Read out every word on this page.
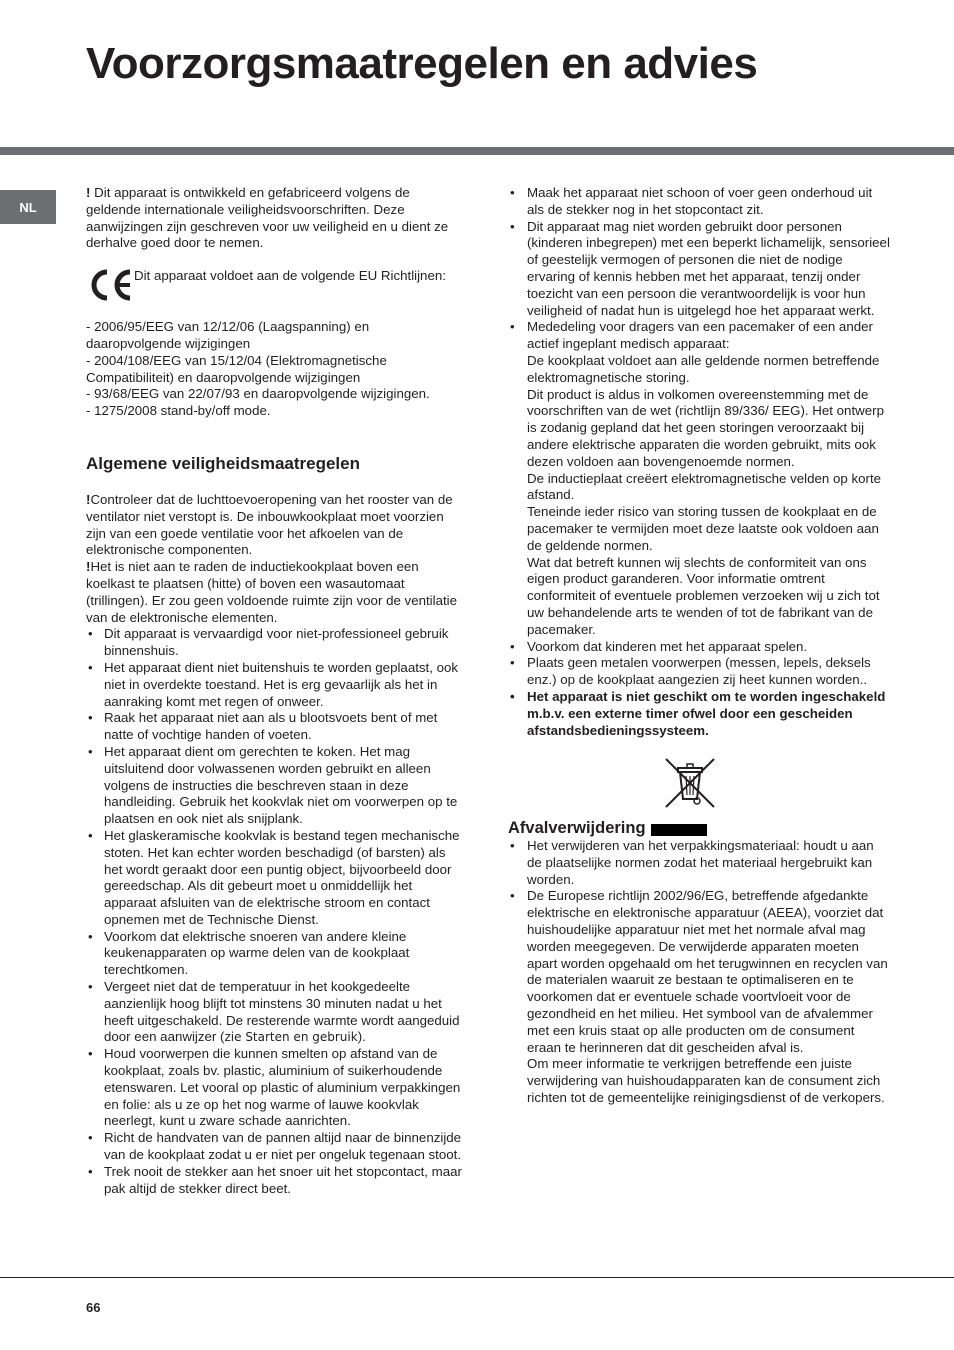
Voorzorgsmaatregelen en advies
NL

! Dit apparaat is ontwikkeld en gefabriceerd volgens de geldende internationale veiligheidsvoorschriften. Deze aanwijzingen zijn geschreven voor uw veiligheid en u dient ze derhalve goed door te nemen.

Dit apparaat voldoet aan de volgende EU Richtlijnen:

- 2006/95/EEG van 12/12/06 (Laagspanning) en daaropvolgende wijzigingen

- 2004/108/EEG van 15/12/04 (Elektromagnetische Compatibiliteit) en daaropvolgende wijzigingen

- 93/68/EEG van 22/07/93 en daaropvolgende wijzigingen.

- 1275/2008 stand-by/off mode.

Algemene veiligheidsmaatregelen

!Controleer dat de luchttoevoeropening van het rooster van de ventilator niet verstopt is. De inbouwkookplaat moet voorzien zijn van een goede ventilatie voor het afkoelen van de elektronische componenten.

!Het is niet aan te raden de inductiekookplaat boven een koelkast te plaatsen (hitte) of boven een wasautomaat (trillingen). Er zou geen voldoende ruimte zijn voor de ventilatie van de elektronische elementen.

• Dit apparaat is vervaardigd voor niet-professioneel gebruik binnenshuis.
• Het apparaat dient niet buitenshuis te worden geplaatst, ook niet in overdekte toestand. Het is erg gevaarlijk als het in aanraking komt met regen of onweer.
• Raak het apparaat niet aan als u blootsvoets bent of met natte of vochtige handen of voeten.
• Het apparaat dient om gerechten te koken. Het mag uitsluitend door volwassenen worden gebruikt en alleen volgens de instructies die beschreven staan in deze handleiding. Gebruik het kookvlak niet om voorwerpen op te plaatsen en ook niet als snijplank.
• Het glaskeramische kookvlak is bestand tegen mechanische stoten. Het kan echter worden beschadigd (of barsten) als het wordt geraakt door een puntig object, bijvoorbeeld door gereedschap. Als dit gebeurt moet u onmiddellijk het apparaat afsluiten van de elektrische stroom en contact opnemen met de Technische Dienst.
• Voorkom dat elektrische snoeren van andere kleine keukenapparaten op warme delen van de kookplaat terechtkomen.
• Vergeet niet dat de temperatuur in het kookgedeelte aanzienlijk hoog blijft tot minstens 30 minuten nadat u het heeft uitgeschakeld. De resterende warmte wordt aangeduid door een aanwijzer (zie Starten en gebruik).
• Houd voorwerpen die kunnen smelten op afstand van de kookplaat, zoals bv. plastic, aluminium of suikerhoudende etenswaren. Let vooral op plastic of aluminium verpakkingen en folie: als u ze op het nog warme of lauwe kookvlak neerlegt, kunt u zware schade aanrichten.
• Richt de handvaten van de pannen altijd naar de binnenzijde van de kookplaat zodat u er niet per ongeluk tegenaan stoot.
• Trek nooit de stekker aan het snoer uit het stopcontact, maar pak altijd de stekker direct beet.
• Maak het apparaat niet schoon of voer geen onderhoud uit als de stekker nog in het stopcontact zit.
• Dit apparaat mag niet worden gebruikt door personen (kinderen inbegrepen) met een beperkt lichamelijk, sensorieel of geestelijk vermogen of personen die niet de nodige ervaring of kennis hebben met het apparaat, tenzij onder toezicht van een persoon die verantwoordelijk is voor hun veiligheid of nadat hun is uitgelegd hoe het apparaat werkt.

• Mededeling voor dragers van een pacemaker of een ander actief ingeplant medisch apparaat:

De kookplaat voldoet aan alle geldende normen betreffende elektromagnetische storing.

Dit product is aldus in volkomen overeenstemming met de voorschriften van de wet (richtlijn 89/336/ EEG). Het ontwerp is zodanig gepland dat het geen storingen veroorzaakt bij andere elektrische apparaten die worden gebruikt, mits ook dezen voldoen aan bovengenoemde normen.

De inductieplaat creëert elektromagnetische velden op korte afstand.

Teneinde ieder risico van storing tussen de kookplaat en de pacemaker te vermijden moet deze laatste ook voldoen aan de geldende normen.

Wat dat betreft kunnen wij slechts de conformiteit van ons eigen product garanderen. Voor informatie omtrent conformiteit of eventuele problemen verzoeken wij u zich tot uw behandelende arts te wenden of tot de fabrikant van de pacemaker.

• Voorkom dat kinderen met het apparaat spelen.
• Plaats geen metalen voorwerpen (messen, lepels, deksels enz.) op de kookplaat aangezien zij heet kunnen worden..
• Het apparaat is niet geschikt om te worden ingeschakeld m.b.v. een externe timer ofwel door een gescheiden afstandsbedieningssysteem.
Afvalverwijdering
• Het verwijderen van het verpakkingsmateriaal: houdt u aan de plaatselijke normen zodat het materiaal hergebruikt kan worden.

• De Europese richtlijn 2002/96/EG, betreffende afgedankte elektrische en elektronische apparatuur (AEEA), voorziet dat huishoudelijke apparatuur niet met het normale afval mag worden meegegeven. De verwijderde apparaten moeten apart worden opgehaald om het terugwinnen en recyclen van de materialen waaruit ze bestaan te optimaliseren en te voorkomen dat er eventuele schade voortvloeit voor de gezondheid en het milieu. Het symbool van de afvalemmer met een kruis staat op alle producten om de consument eraan te herinneren dat dit gescheiden afval is.

Om meer informatie te verkrijgen betreffende een juiste verwijdering van huishoudapparaten kan de consument zich richten tot de gemeentelijke reinigingsdienst of de verkopers.

66
